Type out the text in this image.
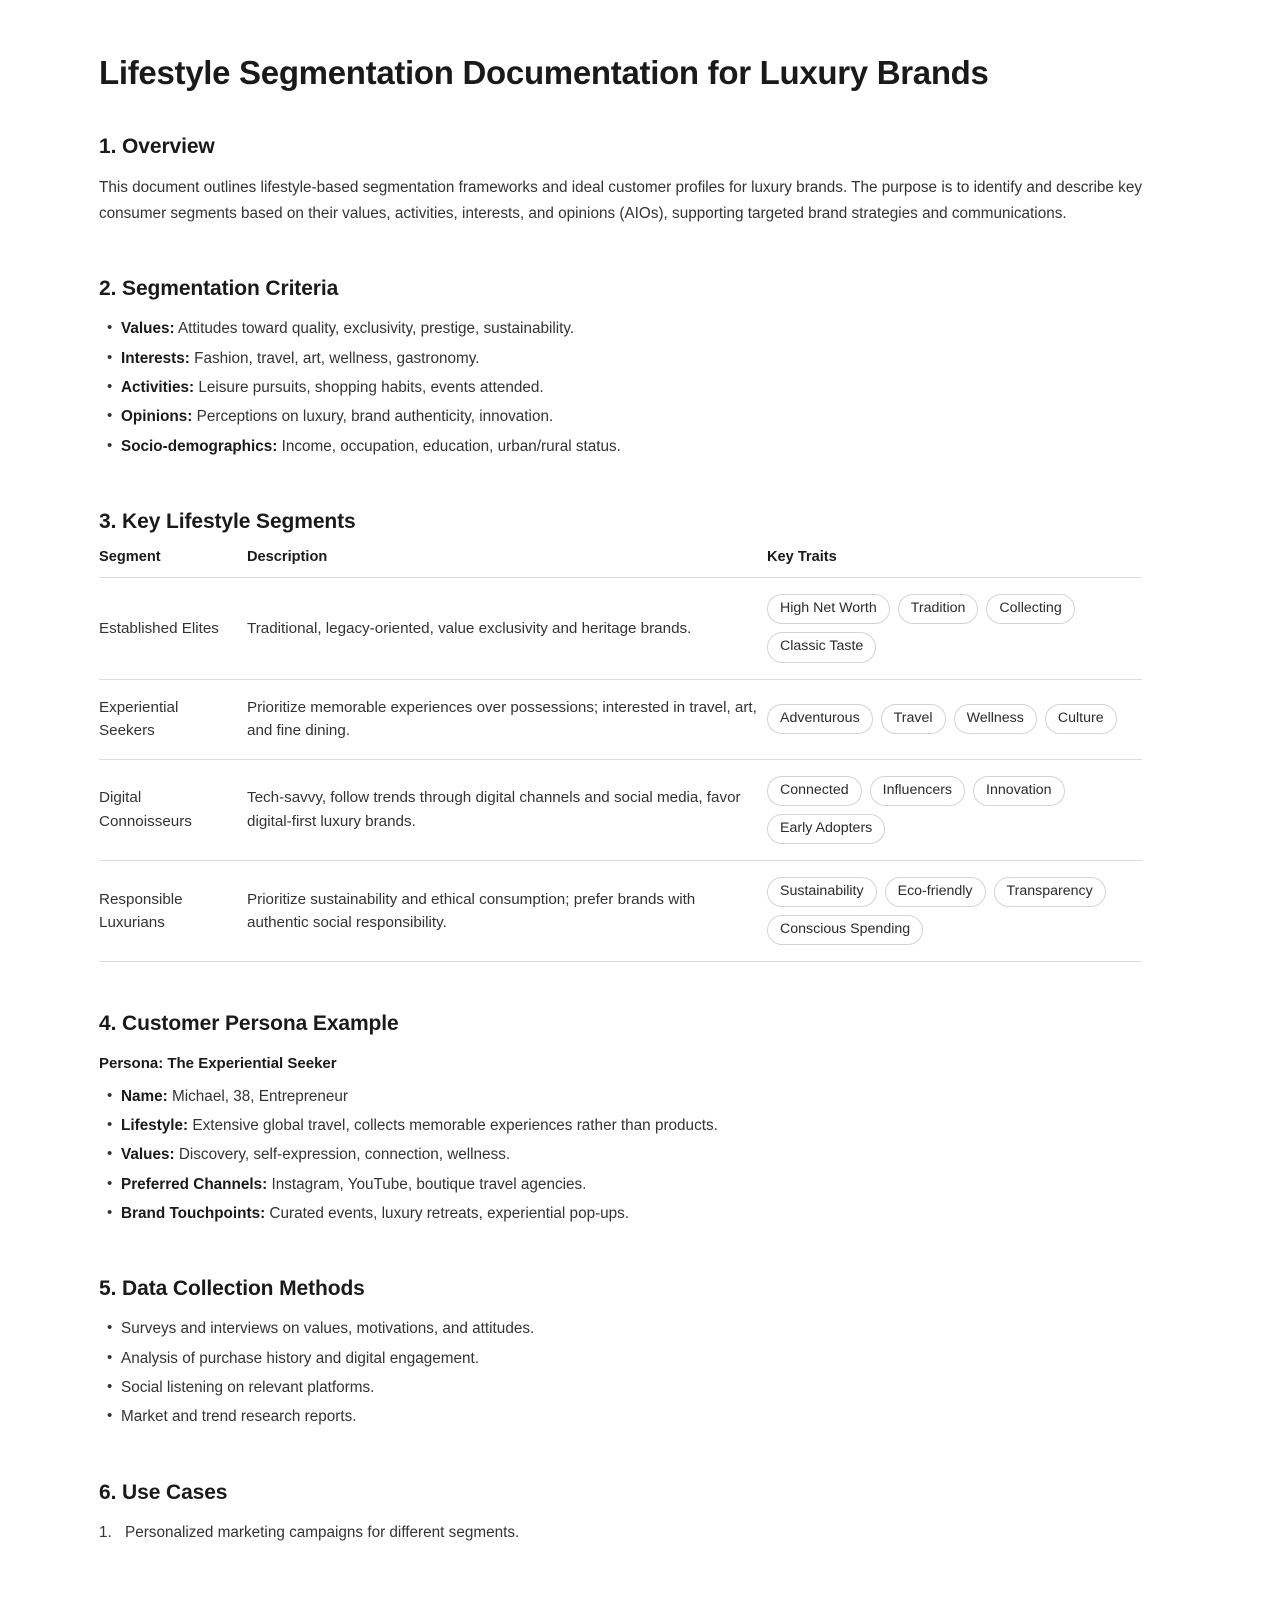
Lifestyle Segmentation Documentation for Luxury Brands
1. Overview

This document outlines lifestyle-based segmentation frameworks and ideal customer profiles for luxury brands. The purpose is to identify and describe key consumer segments based on their values, activities, interests, and opinions (AIOs), supporting targeted brand strategies and communications.

2. Segmentation Criteria
• Values: Attitudes toward quality, exclusivity, prestige, sustainability.
• Interests: Fashion, travel, art, wellness, gastronomy.
• Activities: Leisure pursuits, shopping habits, events attended.
• Opinions: Perceptions on luxury, brand authenticity, innovation.
• Socio-demographics: Income, occupation, education, urban/rural status.
3. Key Lifestyle Segments
Segment	Description	Key Traits
Established Elites	Traditional, legacy-oriented, value exclusivity and heritage brands.	High Net Worth Tradition Collecting
Classic Taste

Experiential Seekers	Prioritize memorable experiences over possessions; interested in travel, art, and fine dining.	Adventurous Travel Wellness Culture

Digital Connoisseurs	Tech-savvy, follow trends through digital channels and social media, favor digital-first luxury brands.	Connected Influencers Innovation
Early Adopters

Responsible Luxurians	Prioritize sustainability and ethical consumption; prefer brands with authentic social responsibility.	Sustainability Eco-friendly Transparency
Conscious Spending
4. Customer Persona Example

Persona: The Experiential Seeker

• Name: Michael, 38, Entrepreneur
• Lifestyle: Extensive global travel, collects memorable experiences rather than products.
• Values: Discovery, self-expression, connection, wellness.
• Preferred Channels: Instagram, YouTube, boutique travel agencies.
• Brand Touchpoints: Curated events, luxury retreats, experiential pop-ups.
5. Data Collection Methods
• Surveys and interviews on values, motivations, and attitudes.
• Analysis of purchase history and digital engagement.
• Social listening on relevant platforms.
• Market and trend research reports.
6. Use Cases
1. Personalized marketing campaigns for different segments.
